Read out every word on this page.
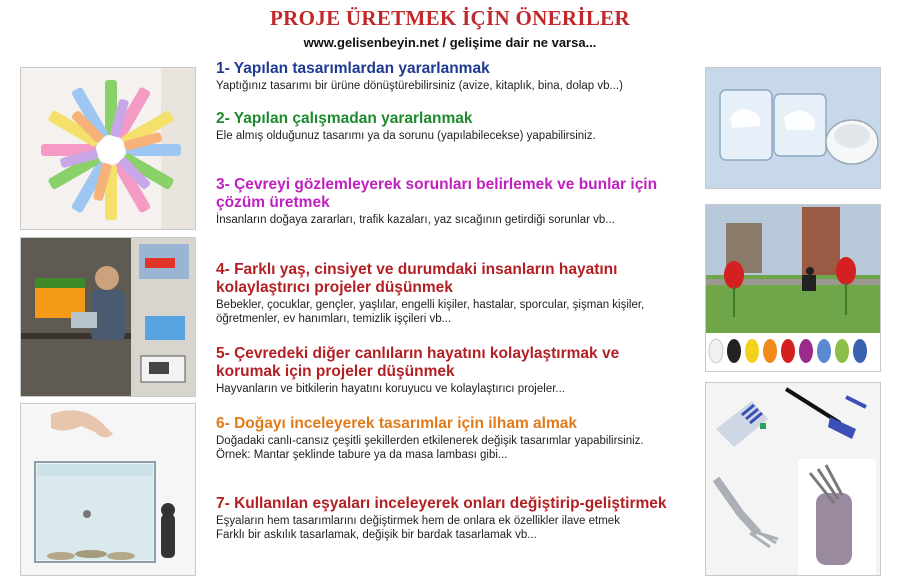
PROJE ÜRETMEK İÇİN ÖNERİLER
www.gelisenbeyin.net / gelişime dair ne varsa...
1- Yapılan tasarımlardan yararlanmak

Yaptığınız tasarımı bir ürüne dönüştürebilirsiniz (avize, kitaplık, bina, dolap vb...)

2- Yapılan çalışmadan yararlanmak

Ele almış olduğunuz tasarımı ya da sorunu (yapılabilecekse) yapabilirsiniz.

3- Çevreyi gözlemleyerek sorunları belirlemek ve bunlar için çözüm üretmek

İnsanların doğaya zararları, trafik kazaları, yaz sıcağının getirdiği sorunlar vb...

4- Farklı yaş, cinsiyet ve durumdaki insanların hayatını kolaylaştırıcı projeler düşünmek

Bebekler, çocuklar, gençler, yaşlılar, engelli kişiler, hastalar, sporcular, şişman kişiler, öğretmenler, ev hanımları, temizlik işçileri vb...

5- Çevredeki diğer canlıların hayatını kolaylaştırmak ve korumak için projeler düşünmek

Hayvanların ve bitkilerin hayatını koruyucu ve kolaylaştırıcı projeler...

6- Doğayı inceleyerek tasarımlar için ilham almak

Doğadaki canlı-cansız çeşitli şekillerden etkilenerek değişik tasarımlar yapabilirsiniz.

Örnek: Mantar şeklinde tabure ya da masa lambası gibi...

7- Kullanılan eşyaları inceleyerek onları değiştirip-geliştirmek

Eşyaların hem tasarımlarını değiştirmek hem de onlara ek özellikler ilave etmek

Farklı bir askılık tasarlamak, değişik bir bardak tasarlamak vb...
